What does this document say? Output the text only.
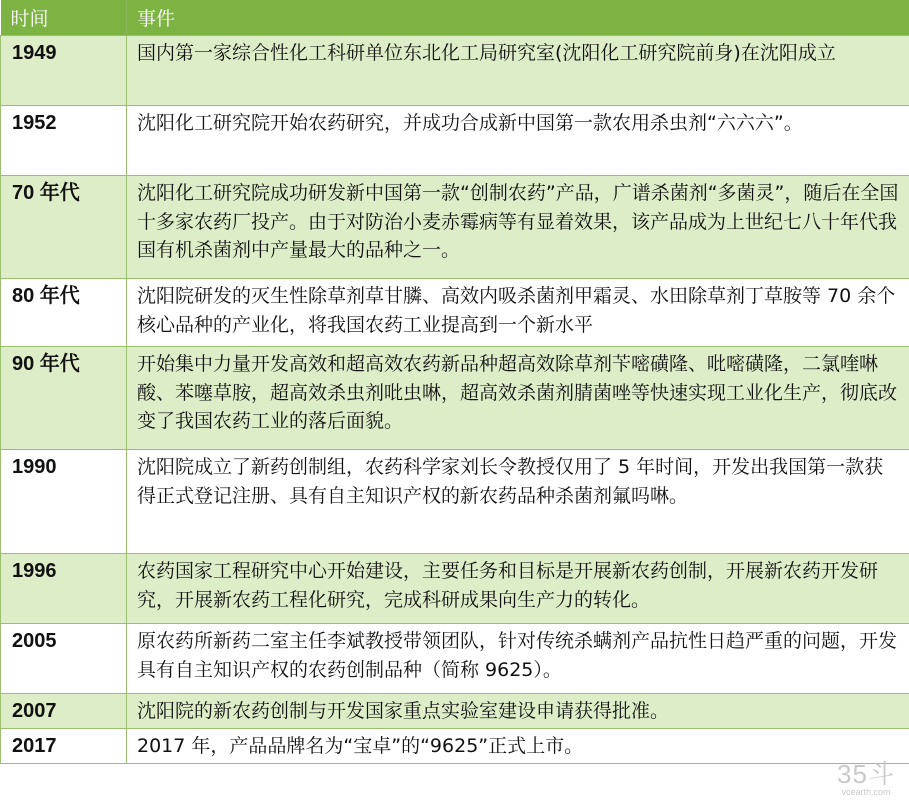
时间	事件
1949	国内第一家综合性化工科研单位东北化工局研究室(沈阳化工研究院前身)在沈阳成立
1952	沈阳化工研究院开始农药研究，并成功合成新中国第一款农用杀虫剂“六六六”。
70 年代	沈阳化工研究院成功研发新中国第一款“创制农药”产品，广谱杀菌剂“多菌灵”，随后在全国十多家农药厂投产。由于对防治小麦赤霉病等有显着效果，该产品成为上世纪七八十年代我国有机杀菌剂中产量最大的品种之一。
80 年代	沈阳院研发的灭生性除草剂草甘膦、高效内吸杀菌剂甲霜灵、水田除草剂丁草胺等 70 余个核心品种的产业化，将我国农药工业提高到一个新水平
90 年代	开始集中力量开发高效和超高效农药新品种超高效除草剂苄嘧磺隆、吡嘧磺隆，二氯喹啉酸、苯噻草胺，超高效杀虫剂吡虫啉，超高效杀菌剂腈菌唑等快速实现工业化生产，彻底改变了我国农药工业的落后面貌。
1990	沈阳院成立了新药创制组，农药科学家刘长令教授仅用了 5 年时间，开发出我国第一款获得正式登记注册、具有自主知识产权的新农药品种杀菌剂氟吗啉。
1996	农药国家工程研究中心开始建设，主要任务和目标是开展新农药创制，开展新农药开发研究，开展新农药工程化研究，完成科研成果向生产力的转化。
2005	原农药所新药二室主任李斌教授带领团队，针对传统杀螨剂产品抗性日趋严重的问题，开发具有自主知识产权的农药创制品种（简称 9625）。
2007	沈阳院的新农药创制与开发国家重点实验室建设申请获得批准。
2017	2017 年，产品品牌名为“宝卓”的“9625”正式上市。
35斗
vcearth.com
